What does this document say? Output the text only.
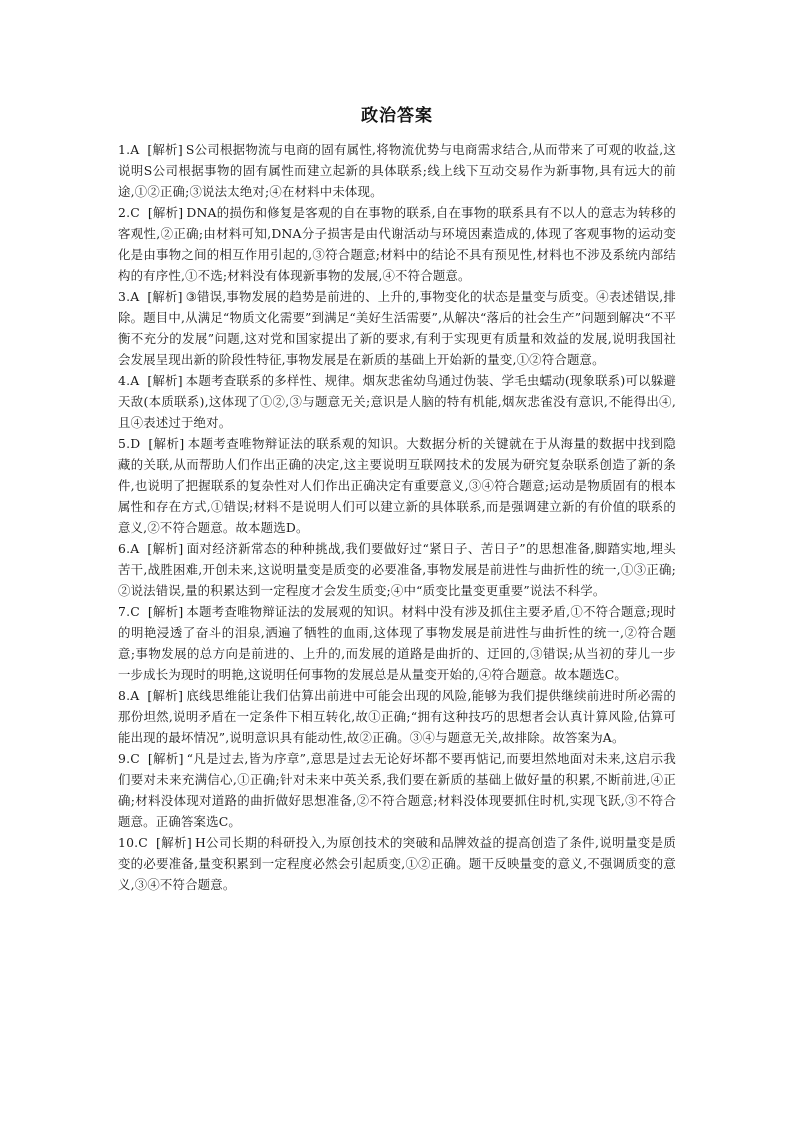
政治答案

1.A [解析] S公司根据物流与电商的固有属性,将物流优势与电商需求结合,从而带来了可观的收益,这说明S公司根据事物的固有属性而建立起新的具体联系;线上线下互动交易作为新事物,具有远大的前途,①②正确;③说法太绝对;④在材料中未体现。

2.C [解析] DNA的损伤和修复是客观的自在事物的联系,自在事物的联系具有不以人的意志为转移的客观性,②正确;由材料可知,DNA分子损害是由代谢活动与环境因素造成的,体现了客观事物的运动变化是由事物之间的相互作用引起的,③符合题意;材料中的结论不具有预见性,材料也不涉及系统内部结构的有序性,①不选;材料没有体现新事物的发展,④不符合题意。

3.A [解析] ③错误,事物发展的趋势是前进的、上升的,事物变化的状态是量变与质变。④表述错误,排除。题目中,从满足“物质文化需要”到满足“美好生活需要”,从解决“落后的社会生产”问题到解决“不平衡不充分的发展”问题,这对党和国家提出了新的要求,有利于实现更有质量和效益的发展,说明我国社会发展呈现出新的阶段性特征,事物发展是在新质的基础上开始新的量变,①②符合题意。

4.A [解析] 本题考查联系的多样性、规律。烟灰悲雀幼鸟通过伪装、学毛虫蠕动(现象联系)可以躲避天敌(本质联系),这体现了①②,③与题意无关;意识是人脑的特有机能,烟灰悲雀没有意识,不能得出④,且④表述过于绝对。

5.D [解析] 本题考查唯物辩证法的联系观的知识。大数据分析的关键就在于从海量的数据中找到隐藏的关联,从而帮助人们作出正确的决定,这主要说明互联网技术的发展为研究复杂联系创造了新的条件,也说明了把握联系的复杂性对人们作出正确决定有重要意义,③④符合题意;运动是物质固有的根本属性和存在方式,①错误;材料不是说明人们可以建立新的具体联系,而是强调建立新的有价值的联系的意义,②不符合题意。故本题选D。

6.A [解析] 面对经济新常态的种种挑战,我们要做好过“紧日子、苦日子”的思想准备,脚踏实地,埋头苦干,战胜困难,开创未来,这说明量变是质变的必要准备,事物发展是前进性与曲折性的统一,①③正确;②说法错误,量的积累达到一定程度才会发生质变;④中“质变比量变更重要”说法不科学。

7.C [解析] 本题考查唯物辩证法的发展观的知识。材料中没有涉及抓住主要矛盾,①不符合题意;现时的明艳浸透了奋斗的泪泉,洒遍了牺牲的血雨,这体现了事物发展是前进性与曲折性的统一,②符合题意;事物发展的总方向是前进的、上升的,而发展的道路是曲折的、迂回的,③错误;从当初的芽儿一步一步成长为现时的明艳,这说明任何事物的发展总是从量变开始的,④符合题意。故本题选C。

8.A [解析] 底线思维能让我们估算出前进中可能会出现的风险,能够为我们提供继续前进时所必需的那份坦然,说明矛盾在一定条件下相互转化,故①正确;“拥有这种技巧的思想者会认真计算风险,估算可能出现的最坏情况”,说明意识具有能动性,故②正确。③④与题意无关,故排除。故答案为A。

9.C [解析] “凡是过去,皆为序章”,意思是过去无论好坏都不要再惦记,而要坦然地面对未来,这启示我们要对未来充满信心,①正确;针对未来中英关系,我们要在新质的基础上做好量的积累,不断前进,④正确;材料没体现对道路的曲折做好思想准备,②不符合题意;材料没体现要抓住时机,实现飞跃,③不符合题意。正确答案选C。

10.C [解析] H公司长期的科研投入,为原创技术的突破和品牌效益的提高创造了条件,说明量变是质变的必要准备,量变积累到一定程度必然会引起质变,①②正确。题干反映量变的意义,不强调质变的意义,③④不符合题意。
